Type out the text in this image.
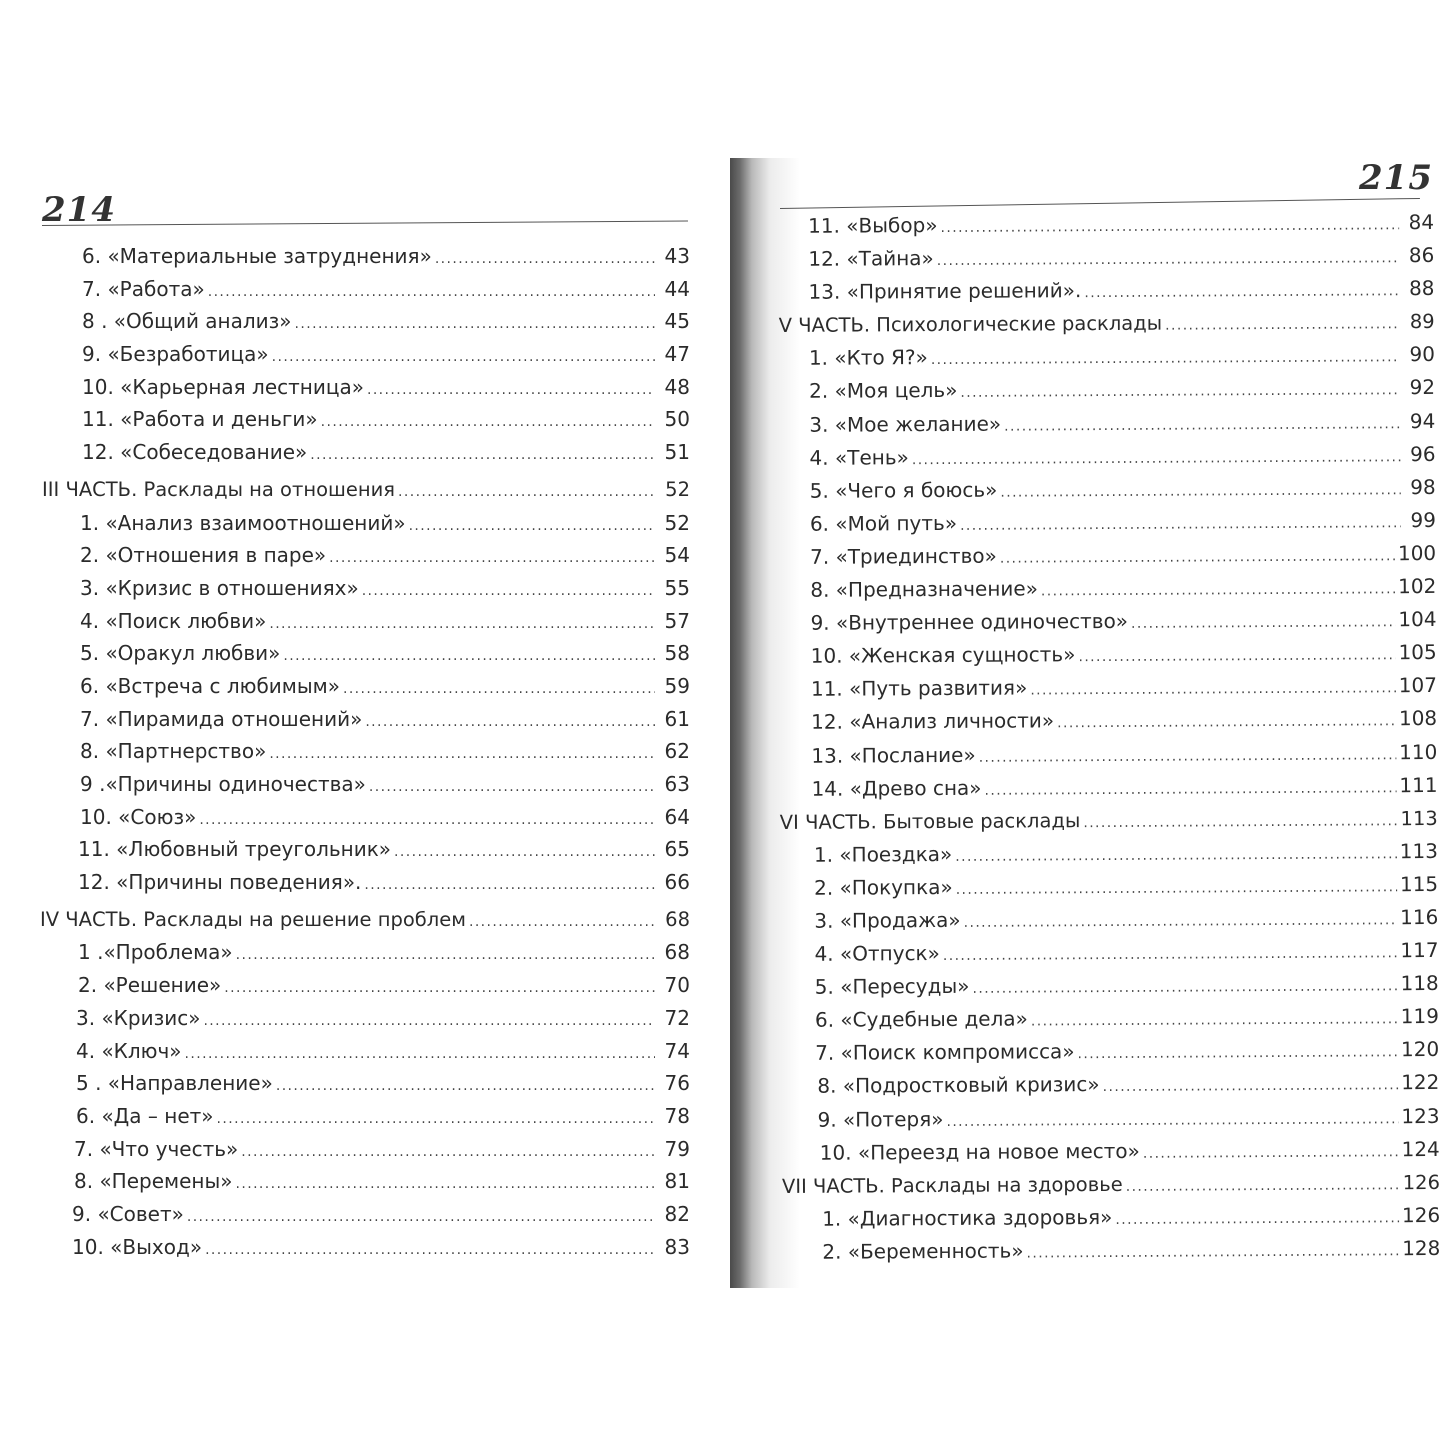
214
6. «Материальные затруднения» .....	43
7. «Работа» .....	44
8 . «Общий анализ» .....	45
9. «Безработица» .....	47
10. «Карьерная лестница» .....	48
11. «Работа и деньги» .....	50
12. «Собеседование» .....	51
III ЧАСТЬ. Расклады на отношения .....	52
1. «Анализ взаимоотношений» .....	52
2. «Отношения в паре» .....	54
3. «Кризис в отношениях» .....	55
4. «Поиск любви» .....	57
5. «Оракул любви» .....	58
6. «Встреча с любимым» .....	59
7. «Пирамида отношений» .....	61
8. «Партнерство» .....	62
9 .«Причины одиночества» .....	63
10. «Союз» .....	64
11. «Любовный треугольник» .....	65
12. «Причины поведения». .....	66
IV ЧАСТЬ. Расклады на решение проблем .....	68
1 .«Проблема» .....	68
2. «Решение» .....	70
3. «Кризис» .....	72
4. «Ключ» .....	74
5 . «Направление» .....	76
6. «Да – нет» .....	78
7. «Что учесть» .....	79
8. «Перемены» .....	81
9. «Совет» .....	82
10. «Выход» .....	83
215
11. «Выбор» .....	84
12. «Тайна» .....	86
13. «Принятие решений». .....	88
V ЧАСТЬ. Психологические расклады .....	89
1. «Кто Я?» .....	90
2. «Моя цель» .....	92
3. «Мое желание» .....	94
4. «Тень» .....	96
5. «Чего я боюсь» .....	98
6. «Мой путь» .....	99
7. «Триединство» .....	100
8. «Предназначение» .....	102
9. «Внутреннее одиночество» .....	104
10. «Женская сущность» .....	105
11. «Путь развития» .....	107
12. «Анализ личности» .....	108
13. «Послание» .....	110
14. «Древо сна» .....	111
VI ЧАСТЬ. Бытовые расклады .....	113
1. «Поездка» .....	113
2. «Покупка» .....	115
3. «Продажа» .....	116
4. «Отпуск» .....	117
5. «Пересуды» .....	118
6. «Судебные дела» .....	119
7. «Поиск компромисса» .....	120
8. «Подростковый кризис» .....	122
9. «Потеря» .....	123
10. «Переезд на новое место» .....	124
VII ЧАСТЬ. Расклады на здоровье .....	126
1. «Диагностика здоровья» .....	126
2. «Беременность» .....	128
